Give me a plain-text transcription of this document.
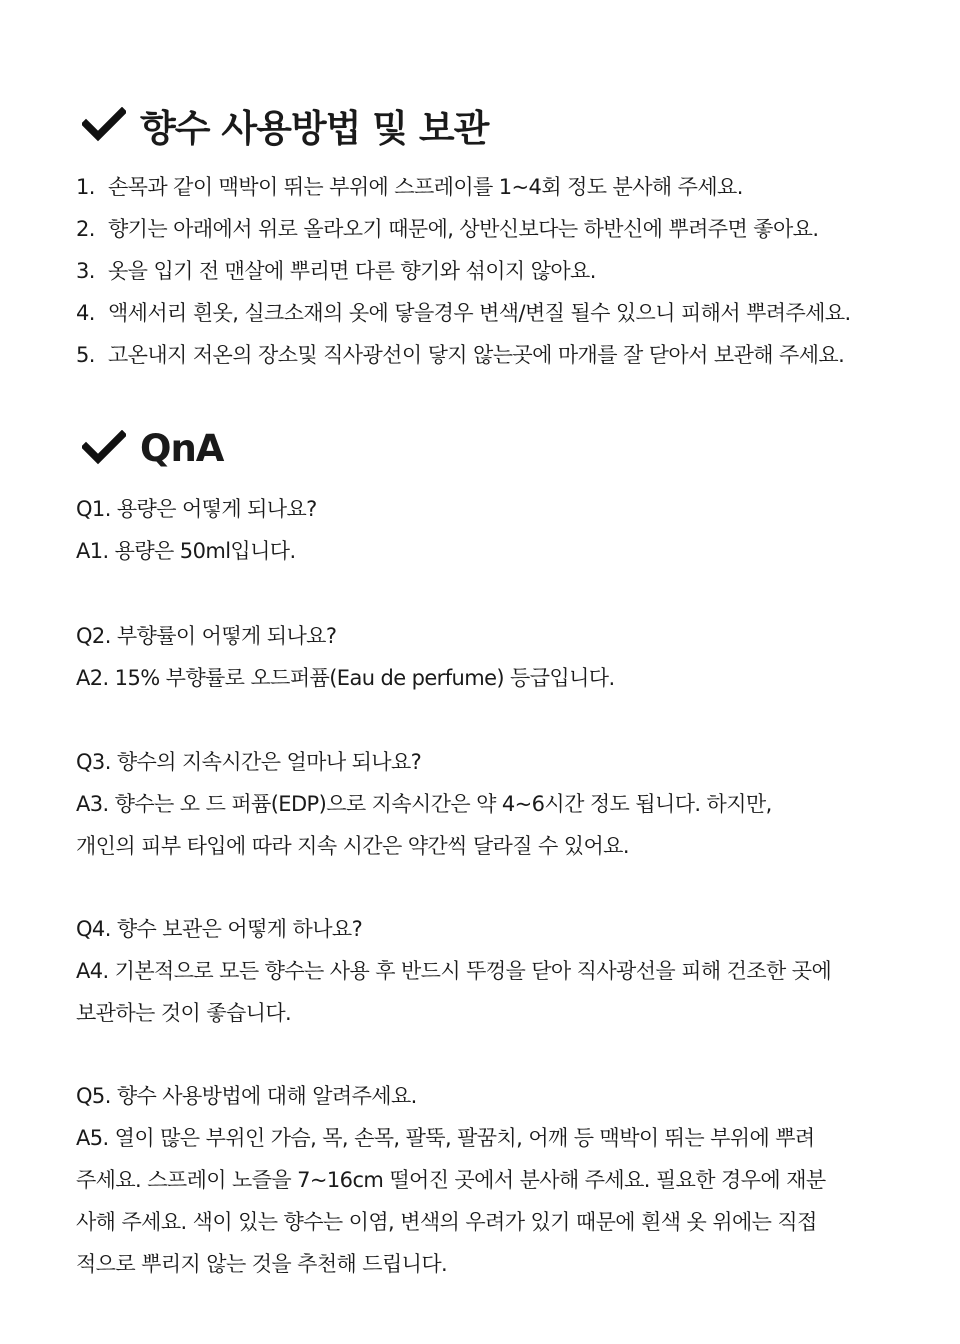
향수 사용방법 및 보관
1. 손목과 같이 맥박이 뛰는 부위에 스프레이를 1~4회 정도 분사해 주세요.
2. 향기는 아래에서 위로 올라오기 때문에, 상반신보다는 하반신에 뿌려주면 좋아요.
3. 옷을 입기 전 맨살에 뿌리면 다른 향기와 섞이지 않아요.
4. 액세서리 흰옷, 실크소재의 옷에 닿을경우 변색/변질 될수 있으니 피해서 뿌려주세요.
5. 고온내지 저온의 장소및 직사광선이 닿지 않는곳에 마개를 잘 닫아서 보관해 주세요.
QnA
Q1. 용량은 어떻게 되나요?
A1. 용량은 50ml입니다.
Q2. 부향률이 어떻게 되나요?
A2. 15% 부향률로 오드퍼퓸(Eau de perfume) 등급입니다.
Q3. 향수의 지속시간은 얼마나 되나요?
A3. 향수는 오 드 퍼퓸(EDP)으로 지속시간은 약 4~6시간 정도 됩니다. 하지만,
개인의 피부 타입에 따라 지속 시간은 약간씩 달라질 수 있어요.
Q4. 향수 보관은 어떻게 하나요?
A4. 기본적으로 모든 향수는 사용 후 반드시 뚜껑을 닫아 직사광선을 피해 건조한 곳에
보관하는 것이 좋습니다.
Q5. 향수 사용방법에 대해 알려주세요.
A5. 열이 많은 부위인 가슴, 목, 손목, 팔뚝, 팔꿈치, 어깨 등 맥박이 뛰는 부위에 뿌려
주세요. 스프레이 노즐을 7~16cm 떨어진 곳에서 분사해 주세요. 필요한 경우에 재분
사해 주세요. 색이 있는 향수는 이염, 변색의 우려가 있기 때문에 흰색 옷 위에는 직접
적으로 뿌리지 않는 것을 추천해 드립니다.
